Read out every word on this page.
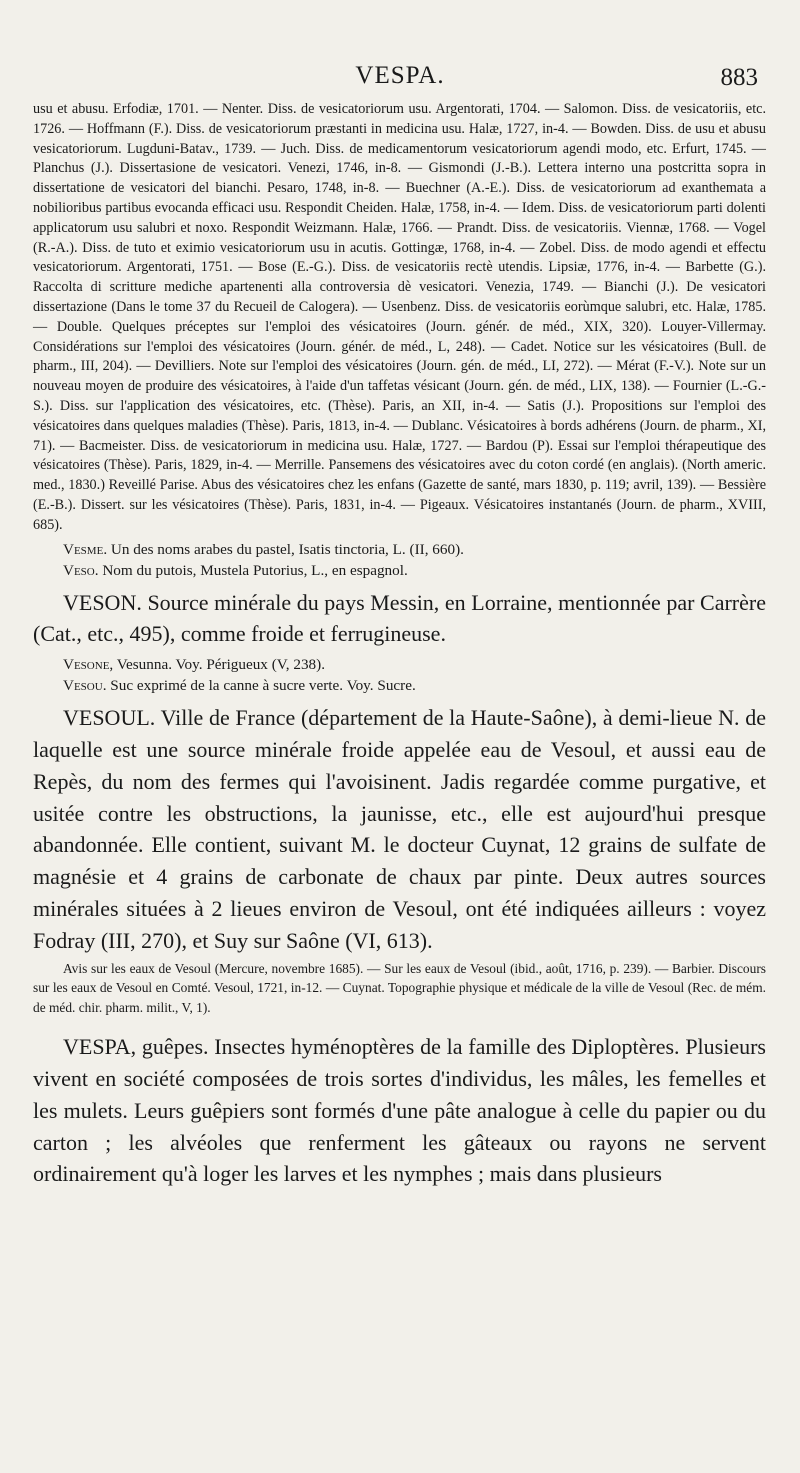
VESPA.	883

usu et abusu. Erfodiæ, 1701. — Nenter. Diss. de vesicatoriorum usu. Argentorati, 1704. — Salomon. Diss. de vesicatoriis, etc. 1726. — Hoffmann (F.). Diss. de vesicatoriorum præstanti in medicina usu. Halæ, 1727, in-4. — Bowden. Diss. de usu et abusu vesicatoriorum. Lugduni-Batav., 1739. — Juch. Diss. de medicamentorum vesicatoriorum agendi modo, etc. Erfurt, 1745. — Planchus (J.). Dissertasione de vesicatori. Venezi, 1746, in-8. — Gismondi (J.-B.). Lettera interno una postcritta sopra in dissertatione de vesicatori del bianchi. Pesaro, 1748, in-8. — Buechner (A.-E.). Diss. de vesicatoriorum ad exanthemata a nobilioribus partibus evocanda efficaci usu. Respondit Cheiden. Halæ, 1758, in-4. — Idem. Diss. de vesicatoriorum parti dolenti applicatorum usu salubri et noxo. Respondit Weizmann. Halæ, 1766. — Prandt. Diss. de vesicatoriis. Viennæ, 1768. — Vogel (R.-A.). Diss. de tuto et eximio vesicatoriorum usu in acutis. Gottingæ, 1768, in-4. — Zobel. Diss. de modo agendi et effectu vesicatoriorum. Argentorati, 1751. — Bose (E.-G.). Diss. de vesicatoriis rectè utendis. Lipsiæ, 1776, in-4. — Barbette (G.). Raccolta di scritture mediche apartenenti alla controversia dè vesicatori. Venezia, 1749. — Bianchi (J.). De vesicatori dissertazione (Dans le tome 37 du Recueil de Calogera). — Usenbenz. Diss. de vesicatoriis eorùmque salubri, etc. Halæ, 1785. — Double. Quelques préceptes sur l'emploi des vésicatoires (Journ. génér. de méd., XIX, 320). Louyer-Villermay. Considérations sur l'emploi des vésicatoires (Journ. génér. de méd., L, 248). — Cadet. Notice sur les vésicatoires (Bull. de pharm., III, 204). — Devilliers. Note sur l'emploi des vésicatoires (Journ. gén. de méd., LI, 272). — Mérat (F.-V.). Note sur un nouveau moyen de produire des vésicatoires, à l'aide d'un taffetas vésicant (Journ. gén. de méd., LIX, 138). — Fournier (L.-G.-S.). Diss. sur l'application des vésicatoires, etc. (Thèse). Paris, an XII, in-4. — Satis (J.). Propositions sur l'emploi des vésicatoires dans quelques maladies (Thèse). Paris, 1813, in-4. — Dublanc. Vésicatoires à bords adhérens (Journ. de pharm., XI, 71). — Bacmeister. Diss. de vesicatoriorum in medicina usu. Halæ, 1727. — Bardou (P). Essai sur l'emploi thérapeutique des vésicatoires (Thèse). Paris, 1829, in-4. — Merrille. Pansemens des vésicatoires avec du coton cordé (en anglais). (North americ. med., 1830.) Reveillé Parise. Abus des vésicatoires chez les enfans (Gazette de santé, mars 1830, p. 119; avril, 139). — Bessière (E.-B.). Dissert. sur les vésicatoires (Thèse). Paris, 1831, in-4. — Pigeaux. Vésicatoires instantanés (Journ. de pharm., XVIII, 685).

Vesme. Un des noms arabes du pastel, Isatis tinctoria, L. (II, 660).

Veso. Nom du putois, Mustela Putorius, L., en espagnol.

VESON. Source minérale du pays Messin, en Lorraine, mentionnée par Carrère (Cat., etc., 495), comme froide et ferrugineuse.

Vesone, Vesunna. Voy. Périgueux (V, 238).

Vesou. Suc exprimé de la canne à sucre verte. Voy. Sucre.

VESOUL. Ville de France (département de la Haute-Saône), à demi-lieue N. de laquelle est une source minérale froide appelée eau de Vesoul, et aussi eau de Repès, du nom des fermes qui l'avoisinent. Jadis regardée comme purgative, et usitée contre les obstructions, la jaunisse, etc., elle est aujourd'hui presque abandonnée. Elle contient, suivant M. le docteur Cuynat, 12 grains de sulfate de magnésie et 4 grains de carbonate de chaux par pinte. Deux autres sources minérales situées à 2 lieues environ de Vesoul, ont été indiquées ailleurs : voyez Fodray (III, 270), et Suy sur Saône (VI, 613).

Avis sur les eaux de Vesoul (Mercure, novembre 1685). — Sur les eaux de Vesoul (ibid., août, 1716, p. 239). — Barbier. Discours sur les eaux de Vesoul en Comté. Vesoul, 1721, in-12. — Cuynat. Topographie physique et médicale de la ville de Vesoul (Rec. de mém. de méd. chir. pharm. milit., V, 1).

VESPA, guêpes. Insectes hyménoptères de la famille des Diploptères. Plusieurs vivent en société composées de trois sortes d'individus, les mâles, les femelles et les mulets. Leurs guêpiers sont formés d'une pâte analogue à celle du papier ou du carton ; les alvéoles que renferment les gâteaux ou rayons ne servent ordinairement qu'à loger les larves et les nymphes ; mais dans plusieurs
